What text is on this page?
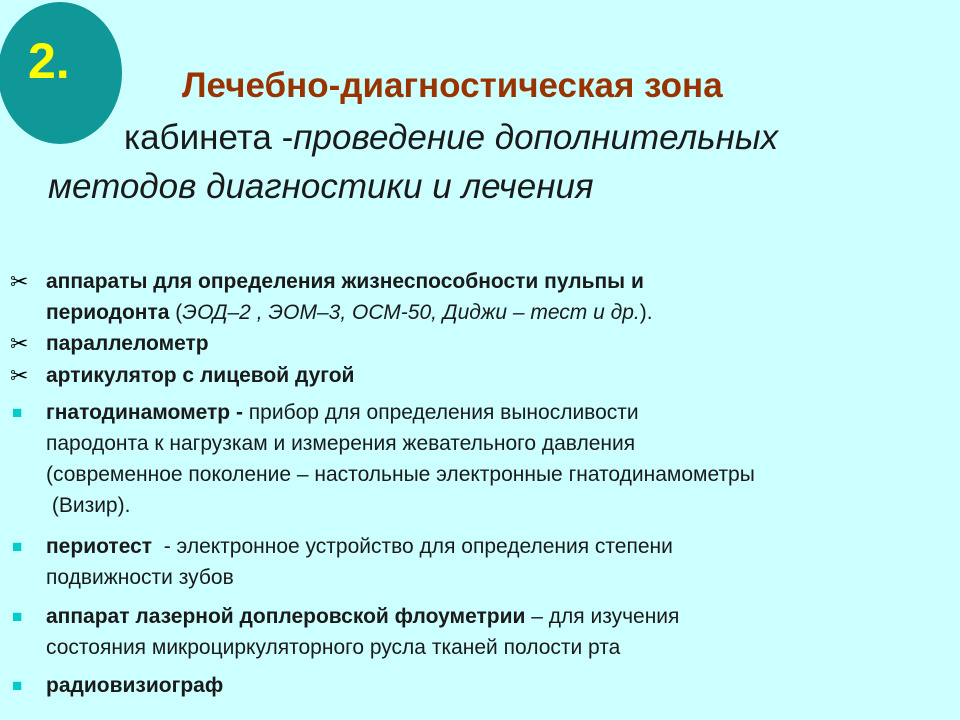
2.	Лечебно-диагностическая зона
кабинета -проведение дополнительных
методов диагностики и лечения
✂ аппараты для определения жизнеспособности пульпы и
периодонта (ЭОД–2 , ЭОМ–3, ОСМ-50, Диджи – тест и др.).
✂ параллелометр
✂ артикулятор с лицевой дугой
■ гнатодинамометр - прибор для определения выносливости
пародонта к нагрузкам и измерения жевательного давления
(современное поколение – настольные электронные гнатодинамометры
(Визир).
■ периотест  - электронное устройство для определения степени
подвижности зубов
■ аппарат лазерной доплеровской флоуметрии – для изучения
состояния микроциркуляторного русла тканей полости рта
■ радиовизиограф
